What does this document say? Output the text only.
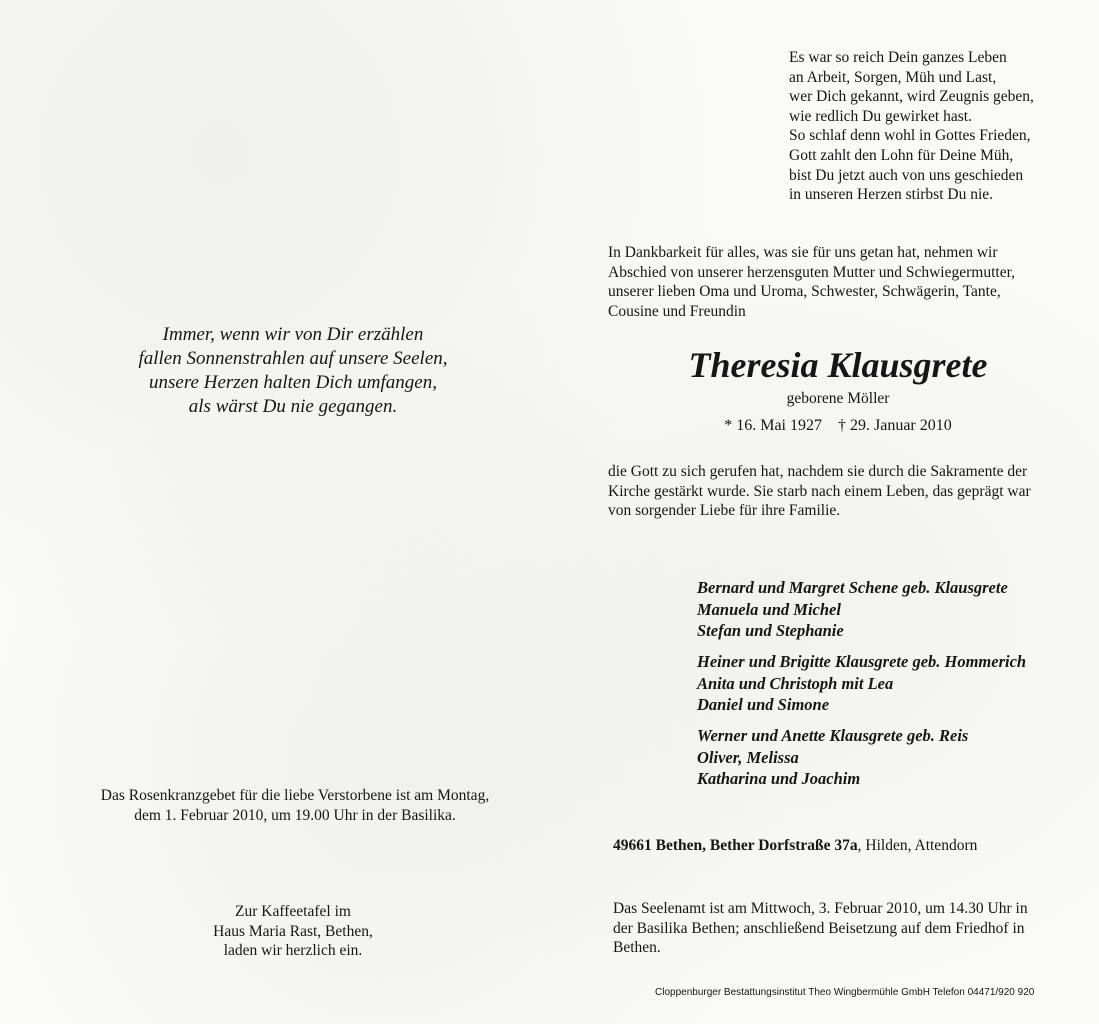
Es war so reich Dein ganzes Leben
an Arbeit, Sorgen, Müh und Last,
wer Dich gekannt, wird Zeugnis geben,
wie redlich Du gewirket hast.
So schlaf denn wohl in Gottes Frieden,
Gott zahlt den Lohn für Deine Müh,
bist Du jetzt auch von uns geschieden
in unseren Herzen stirbst Du nie.
Immer, wenn wir von Dir erzählen
fallen Sonnenstrahlen auf unsere Seelen,
unsere Herzen halten Dich umfangen,
als wärst Du nie gegangen.
In Dankbarkeit für alles, was sie für uns getan hat, nehmen wir
Abschied von unserer herzensguten Mutter und Schwiegermutter,
unserer lieben Oma und Uroma, Schwester, Schwägerin, Tante,
Cousine und Freundin
Theresia Klausgrete
geborene Möller
* 16. Mai 1927 † 29. Januar 2010
die Gott zu sich gerufen hat, nachdem sie durch die Sakramente der
Kirche gestärkt wurde. Sie starb nach einem Leben, das geprägt war
von sorgender Liebe für ihre Familie.
Bernard und Margret Schene geb. Klausgrete
Manuela und Michel
Stefan und Stephanie
Heiner und Brigitte Klausgrete geb. Hommerich
Anita und Christoph mit Lea
Daniel und Simone
Werner und Anette Klausgrete geb. Reis
Oliver, Melissa
Katharina und Joachim
49661 Bethen, Bether Dorfstraße 37a, Hilden, Attendorn
Das Rosenkranzgebet für die liebe Verstorbene ist am Montag,
dem 1. Februar 2010, um 19.00 Uhr in der Basilika.
Zur Kaffeetafel im
Haus Maria Rast, Bethen,
laden wir herzlich ein.
Das Seelenamt ist am Mittwoch, 3. Februar 2010, um 14.30 Uhr in
der Basilika Bethen; anschließend Beisetzung auf dem Friedhof in
Bethen.
Cloppenburger Bestattungsinstitut Theo Wingbermühle GmbH Telefon 04471/920 920
